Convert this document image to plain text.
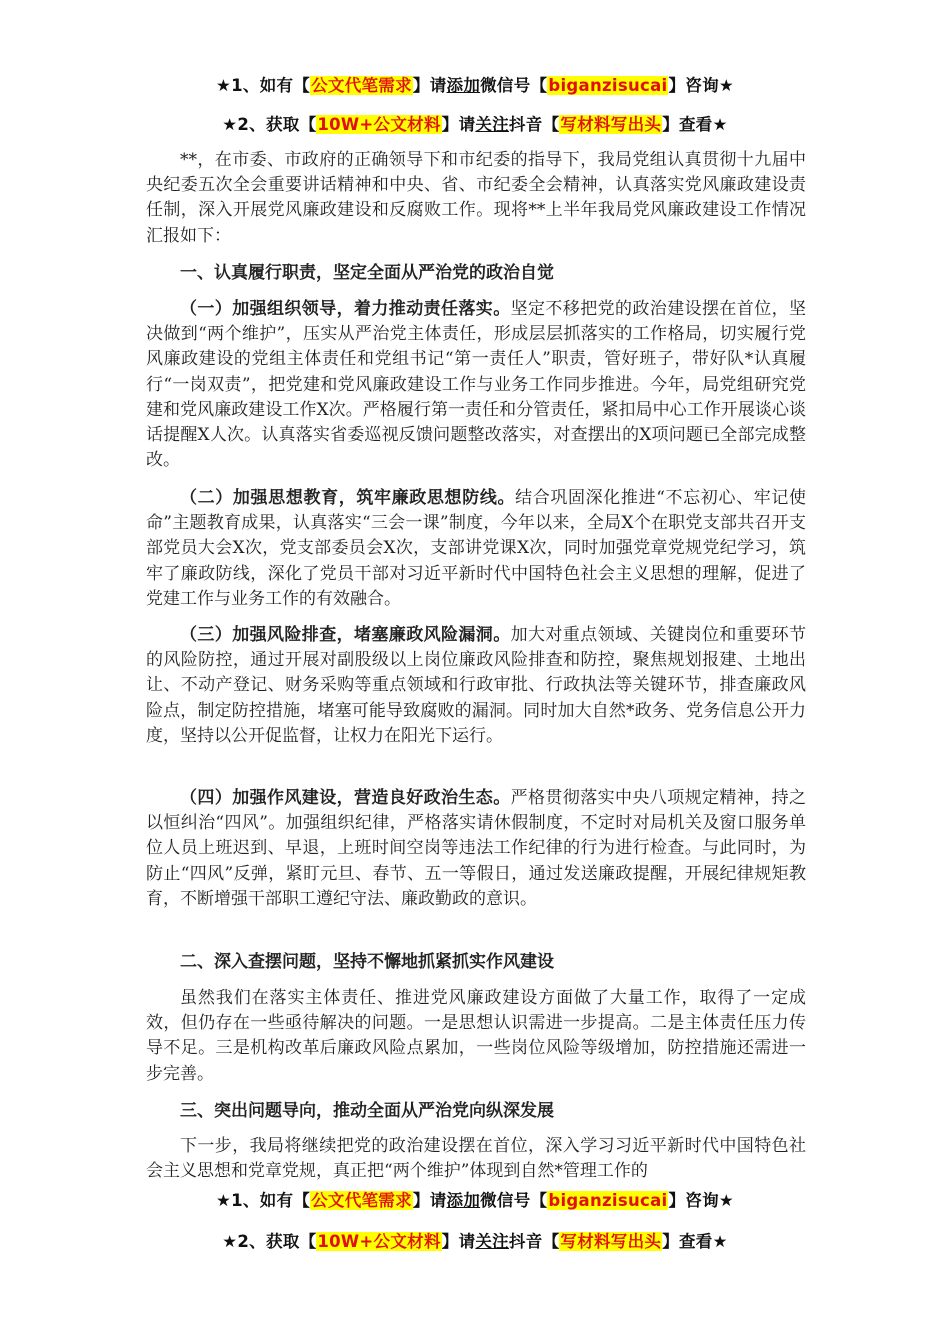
★1、如有【公文代笔需求】请添加微信号【biganzisucai】咨询★
★2、获取【10W+公文材料】请关注抖音【写材料写出头】查看★

**，在市委、市政府的正确领导下和市纪委的指导下，我局党组认真贯彻十九届中央纪委五次全会重要讲话精神和中央、省、市纪委全会精神，认真落实党风廉政建设责任制，深入开展党风廉政建设和反腐败工作。现将**上半年我局党风廉政建设工作情况汇报如下：

一、认真履行职责，坚定全面从严治党的政治自觉

（一）加强组织领导，着力推动责任落实。坚定不移把党的政治建设摆在首位，坚决做到“两个维护”，压实从严治党主体责任，形成层层抓落实的工作格局，切实履行党风廉政建设的党组主体责任和党组书记“第一责任人”职责，管好班子，带好队*认真履行“一岗双责”，把党建和党风廉政建设工作与业务工作同步推进。今年，局党组研究党建和党风廉政建设工作X次。严格履行第一责任和分管责任，紧扣局中心工作开展谈心谈话提醒X人次。认真落实省委巡视反馈问题整改落实，对查摆出的X项问题已全部完成整改。

（二）加强思想教育，筑牢廉政思想防线。结合巩固深化推进“不忘初心、牢记使命”主题教育成果，认真落实“三会一课”制度，今年以来，全局X个在职党支部共召开支部党员大会X次，党支部委员会X次，支部讲党课X次，同时加强党章党规党纪学习，筑牢了廉政防线，深化了党员干部对习近平新时代中国特色社会主义思想的理解，促进了党建工作与业务工作的有效融合。

（三）加强风险排查，堵塞廉政风险漏洞。加大对重点领域、关键岗位和重要环节的风险防控，通过开展对副股级以上岗位廉政风险排查和防控，聚焦规划报建、土地出让、不动产登记、财务采购等重点领域和行政审批、行政执法等关键环节，排查廉政风险点，制定防控措施，堵塞可能导致腐败的漏洞。同时加大自然*政务、党务信息公开力度，坚持以公开促监督，让权力在阳光下运行。

（四）加强作风建设，营造良好政治生态。严格贯彻落实中央八项规定精神，持之以恒纠治“四风”。加强组织纪律，严格落实请休假制度，不定时对局机关及窗口服务单位人员上班迟到、早退，上班时间空岗等违法工作纪律的行为进行检查。与此同时，为防止“四风”反弹，紧盯元旦、春节、五一等假日，通过发送廉政提醒，开展纪律规矩教育，不断增强干部职工遵纪守法、廉政勤政的意识。

二、深入查摆问题，坚持不懈地抓紧抓实作风建设

虽然我们在落实主体责任、推进党风廉政建设方面做了大量工作，取得了一定成效，但仍存在一些亟待解决的问题。一是思想认识需进一步提高。二是主体责任压力传导不足。三是机构改革后廉政风险点累加，一些岗位风险等级增加，防控措施还需进一步完善。

三、突出问题导向，推动全面从严治党向纵深发展

下一步，我局将继续把党的政治建设摆在首位，深入学习习近平新时代中国特色社会主义思想和党章党规，真正把“两个维护”体现到自然*管理工作的

★1、如有【公文代笔需求】请添加微信号【biganzisucai】咨询★
★2、获取【10W+公文材料】请关注抖音【写材料写出头】查看★
